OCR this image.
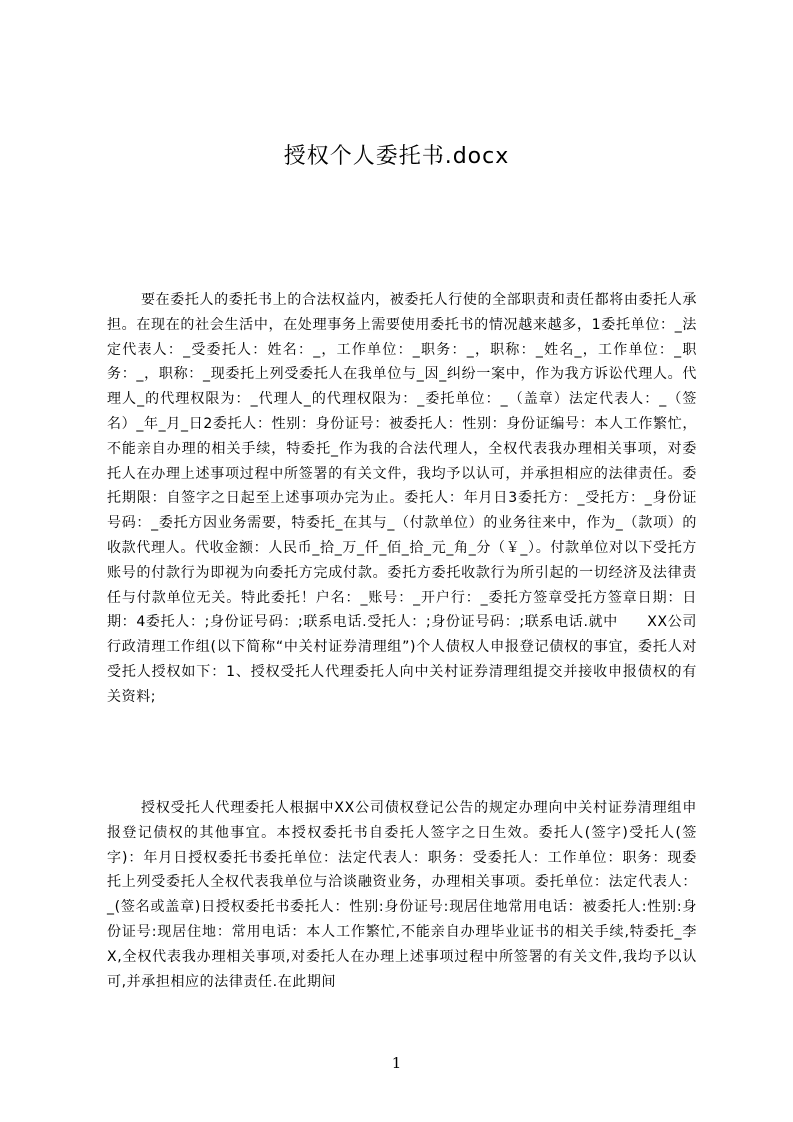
授权个人委托书.docx

要在委托人的委托书上的合法权益内，被委托人行使的全部职责和责任都将由委托人承担。在现在的社会生活中，在处理事务上需要使用委托书的情况越来越多，1委托单位：_法定代表人：_受委托人：姓名：_，工作单位：_职务：_，职称：_姓名_，工作单位：_职务：_，职称：_现委托上列受委托人在我单位与_因_纠纷一案中，作为我方诉讼代理人。代理人_的代理权限为：_代理人_的代理权限为：_委托单位：_（盖章）法定代表人：_（签名）_年_月_日2委托人：性别：身份证号：被委托人：性别：身份证编号：本人工作繁忙，不能亲自办理的相关手续，特委托_作为我的合法代理人，全权代表我办理相关事项，对委托人在办理上述事项过程中所签署的有关文件，我均予以认可，并承担相应的法律责任。委托期限：自签字之日起至上述事项办完为止。委托人：年月日3委托方：_受托方：_身份证号码：_委托方因业务需要，特委托_在其与_（付款单位）的业务往来中，作为_（款项）的收款代理人。代收金额：人民币_拾_万_仟_佰_拾_元_角_分（￥_）。付款单位对以下受托方账号的付款行为即视为向委托方完成付款。委托方委托收款行为所引起的一切经济及法律责任与付款单位无关。特此委托！户名：_账号：_开户行：_委托方签章受托方签章日期：日期：4委托人：;身份证号码：;联系电话.受托人：;身份证号码：;联系电话.就中　　XX公司行政清理工作组(以下简称“中关村证券清理组”)个人债权人申报登记债权的事宜，委托人对受托人授权如下：1、授权受托人代理委托人向中关村证券清理组提交并接收申报债权的有关资料;

授权受托人代理委托人根据中XX公司债权登记公告的规定办理向中关村证券清理组申报登记债权的其他事宜。本授权委托书自委托人签字之日生效。委托人(签字)受托人(签字)：年月日授权委托书委托单位：法定代表人：职务：受委托人：工作单位：职务：现委托上列受委托人全权代表我单位与洽谈融资业务，办理相关事项。委托单位：法定代表人：_(签名或盖章)日授权委托书委托人：性别:身份证号:现居住地常用电话：被委托人:性别:身份证号:现居住地：常用电话：本人工作繁忙,不能亲自办理毕业证书的相关手续,特委托_李X,全权代表我办理相关事项,对委托人在办理上述事项过程中所签署的有关文件,我均予以认可,并承担相应的法律责任.在此期间

1
